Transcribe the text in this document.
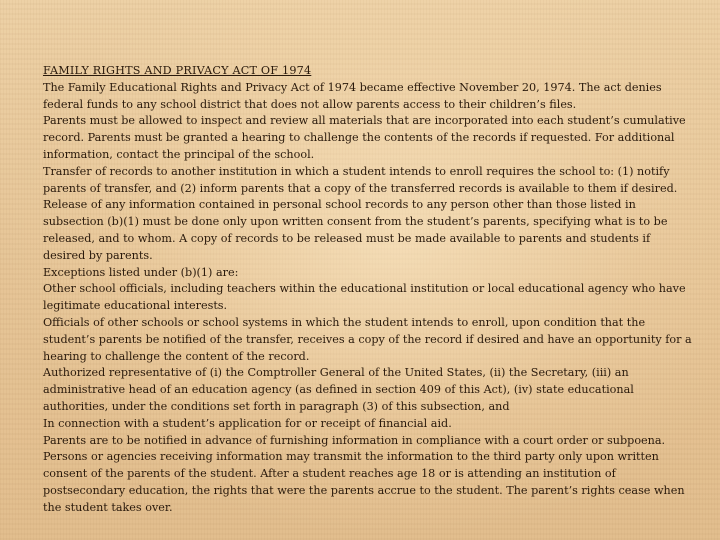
FAMILY RIGHTS AND PRIVACY ACT OF 1974

The Family Educational Rights and Privacy Act of 1974 became effective November 20, 1974. The act denies federal funds to any school district that does not allow parents access to their children’s files.

Parents must be allowed to inspect and review all materials that are incorporated into each student’s cumulative record. Parents must be granted a hearing to challenge the contents of the records if requested. For additional information, contact the principal of the school.

Transfer of records to another institution in which a student intends to enroll requires the school to: (1) notify parents of transfer, and (2) inform parents that a copy of the transferred records is available to them if desired.

Release of any information contained in personal school records to any person other than those listed in subsection (b)(1) must be done only upon written consent from the student’s parents, specifying what is to be released, and to whom. A copy of records to be released must be made available to parents and students if desired by parents.

Exceptions listed under (b)(1) are:

Other school officials, including teachers within the educational institution or local educational agency who have legitimate educational interests.

Officials of other schools or school systems in which the student intends to enroll, upon condition that the student’s parents be notified of the transfer, receives a copy of the record if desired and have an opportunity for a hearing to challenge the content of the record.

Authorized representative of (i) the Comptroller General of the United States, (ii) the Secretary, (iii) an administrative head of an education agency (as defined in section 409 of this Act), (iv) state educational authorities, under the conditions set forth in paragraph (3) of this subsection, and

In connection with a student’s application for or receipt of financial aid.

Parents are to be notified in advance of furnishing information in compliance with a court order or subpoena.

Persons or agencies receiving information may transmit the information to the third party only upon written consent of the parents of the student. After a student reaches age 18 or is attending an institution of postsecondary education, the rights that were the parents accrue to the student. The parent’s rights cease when the student takes over.
